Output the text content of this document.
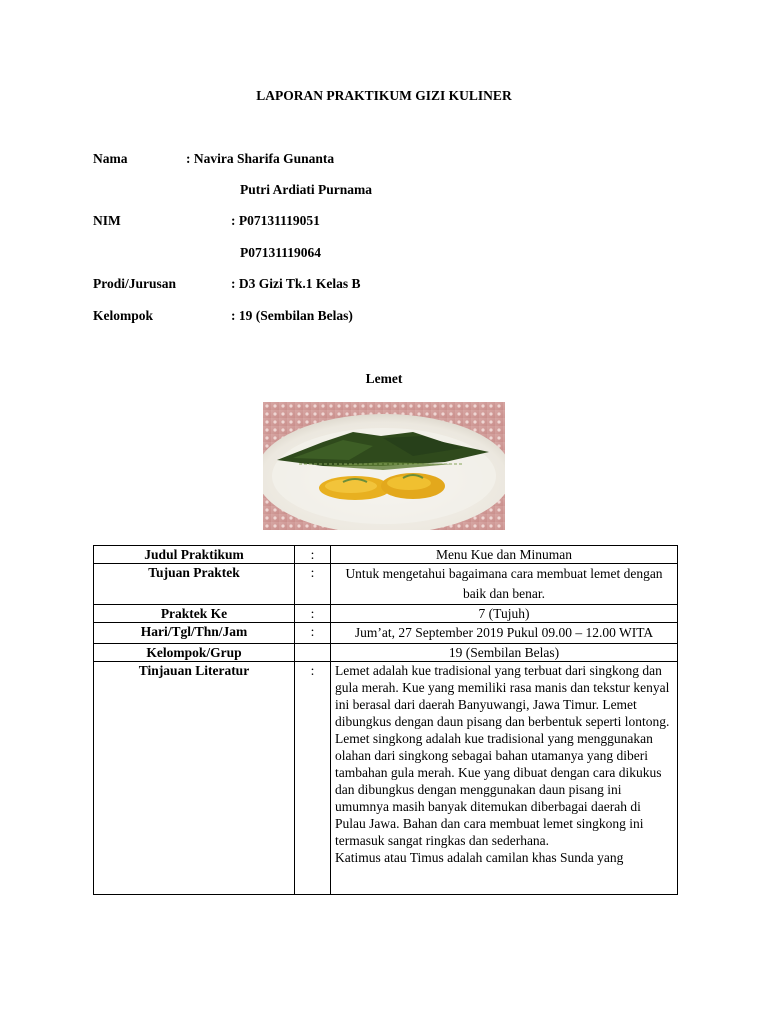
LAPORAN PRAKTIKUM GIZI KULINER
Nama	: Navira Sharifa Gunanta
Putri Ardiati Purnama
NIM	: P07131119051
P07131119064
Prodi/Jurusan	: D3 Gizi Tk.1 Kelas B
Kelompok	: 19 (Sembilan Belas)
Lemet
Judul Praktikum	:	Menu Kue dan Minuman
Tujuan Praktek	:	Untuk mengetahui bagaimana cara membuat lemet dengan baik dan benar.
Praktek Ke	:	7 (Tujuh)
Hari/Tgl/Thn/Jam	:	Jum’at, 27 September 2019 Pukul 09.00 – 12.00 WITA
Kelompok/Grup		19 (Sembilan Belas)
Tinjauan Literatur	:	Lemet adalah kue tradisional yang terbuat dari singkong dan gula merah. Kue yang memiliki rasa manis dan tekstur kenyal ini berasal dari daerah Banyuwangi, Jawa Timur. Lemet dibungkus dengan daun pisang dan berbentuk seperti lontong.
Lemet singkong adalah kue tradisional yang menggunakan olahan dari singkong sebagai bahan utamanya yang diberi tambahan gula merah. Kue yang dibuat dengan cara dikukus dan dibungkus dengan menggunakan daun pisang ini umumnya masih banyak ditemukan diberbagai daerah di Pulau Jawa. Bahan dan cara membuat lemet singkong ini termasuk sangat ringkas dan sederhana.
Katimus atau Timus adalah camilan khas Sunda yang
